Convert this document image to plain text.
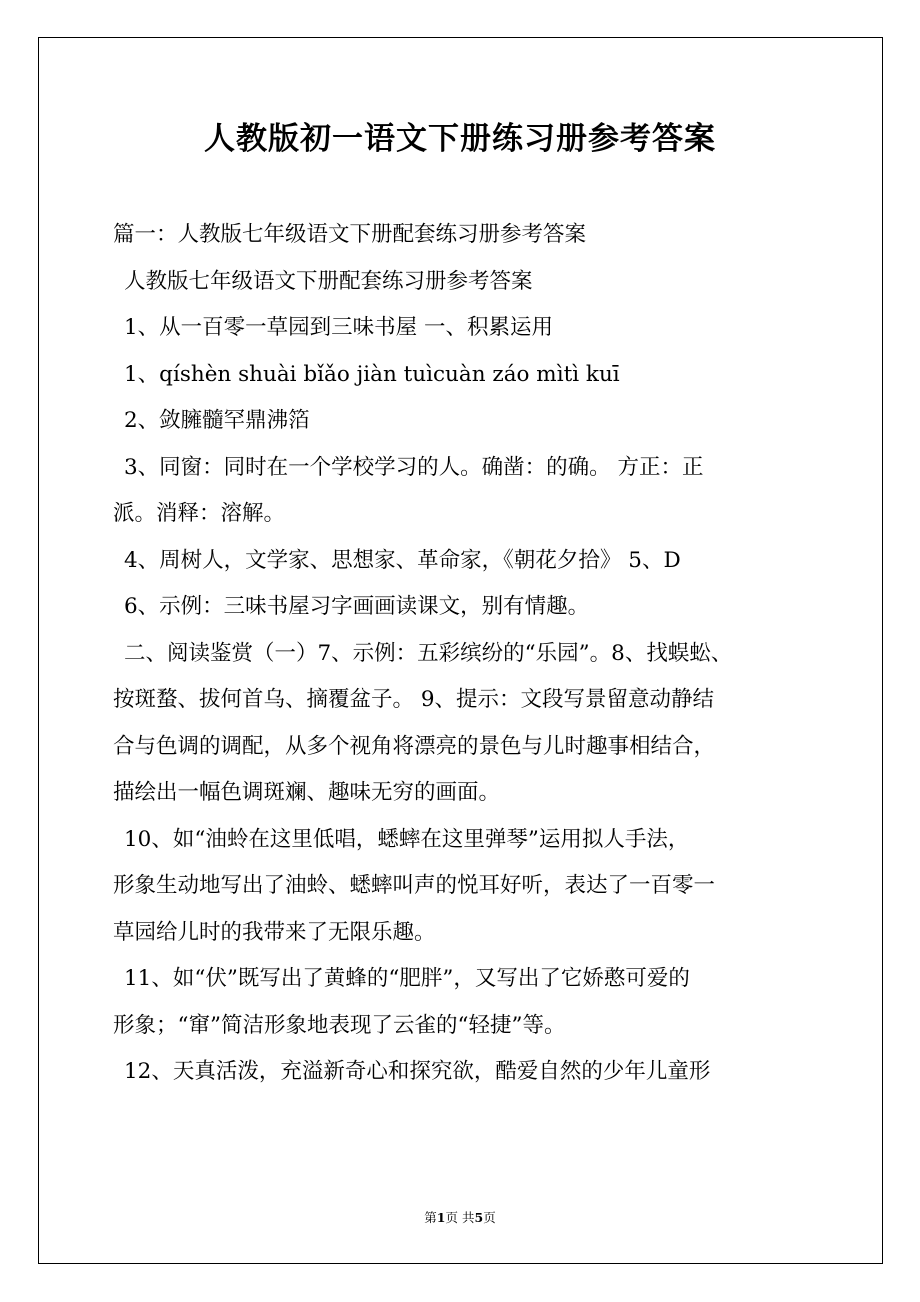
人教版初一语文下册练习册参考答案
篇一：人教版七年级语文下册配套练习册参考答案
人教版七年级语文下册配套练习册参考答案
1、从一百零一草园到三味书屋 一、积累运用
1、qíshèn shuài bǐǎo jiàn tuìcuàn záo mìtì kuī
2、敛臃髓罕鼎沸箔
3、同窗：同时在一个学校学习的人。确凿：的确。 方正：正
派。消释：溶解。
4、周树人，文学家、思想家、革命家，《朝花夕拾》 5、D
6、示例：三味书屋习字画画读课文，别有情趣。
二、阅读鉴赏（一）7、示例：五彩缤纷的“乐园”。8、找蜈蚣、
按斑蝥、拔何首乌、摘覆盆子。 9、提示：文段写景留意动静结
合与色调的调配，从多个视角将漂亮的景色与儿时趣事相结合，
描绘出一幅色调斑斓、趣味无穷的画面。
10、如“油蛉在这里低唱，蟋蟀在这里弹琴”运用拟人手法，
形象生动地写出了油蛉、蟋蟀叫声的悦耳好听，表达了一百零一
草园给儿时的我带来了无限乐趣。
11、如“伏”既写出了黄蜂的“肥胖”，又写出了它娇憨可爱的
形象；“窜”简洁形象地表现了云雀的“轻捷”等。
12、天真活泼，充溢新奇心和探究欲，酷爱自然的少年儿童形
第1页 共5页
